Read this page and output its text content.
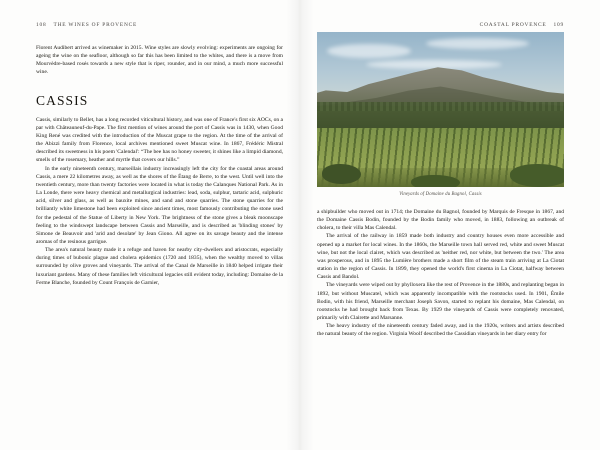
108 THE WINES OF PROVENCE

Florent Audibert arrived as winemaker in 2015. Wine styles are slowly evolving: experiments are ongoing for ageing the wine on the seafloor, although so far this has been limited to the whites, and there is a move from Mourvèdre-based rosés towards a new style that is riper, rounder, and in our mind, a much more successful wine.

CASSIS

Cassis, similarly to Bellet, has a long recorded viticultural history, and was one of France's first six AOCs, on a par with Châteauneuf-du-Pape. The first mention of wines around the port of Cassis was in 1430, when Good King René was credited with the introduction of the Muscat grape to the region. At the time of the arrival of the Abizzi family from Florence, local archives mentioned sweet Muscat wine. In 1867, Frédéric Mistral described its sweetness in his poem 'Calendal': “The bee has no honey sweeter, it shines like a limpid diamond, smells of the rosemary, heather and myrtle that covers our hills.”

In the early nineteenth century, marseillais industry increasingly left the city for the coastal areas around Cassis, a mere 22 kilometres away, as well as the shores of the Étang de Berre, to the west. Until well into the twentieth century, more than twenty factories were located in what is today the Calanques National Park. As in La Londe, there were heavy chemical and metallurgical industries: lead, soda, sulphur, tartaric acid, sulphuric acid, silver and glass, as well as bauxite mines, and sand and stone quarries. The stone quarries for the brilliantly white limestone had been exploited since ancient times, most famously contributing the stone used for the pedestal of the Statue of Liberty in New York. The brightness of the stone gives a bleak moonscape feeling to the windswept landscape between Cassis and Marseille, and is described as 'blinding stones' by Simone de Beauvoir and 'arid and desolate' by Jean Giono. All agree on its savage beauty and the intense aromas of the resinous garrigue.

The area's natural beauty made it a refuge and haven for nearby city-dwellers and aristocrats, especially during times of bubonic plague and cholera epidemics (1720 and 1835), when the wealthy moved to villas surrounded by olive groves and vineyards. The arrival of the Canal de Marseille in 1840 helped irrigate their luxuriant gardens. Many of these families left viticultural legacies still evident today, including: Domaine de la Ferme Blanche, founded by Count François de Garnier,

COASTAL PROVENCE 109
Vineyards of Domaine du Bagnol, Cassis

a shipbuilder who moved out in 1714; the Domaine du Bagnol, founded by Marquis de Fresque in 1867, and the Domaine Cassis Bodin, founded by the Bodin family who moved, in 1883, following an outbreak of cholera, to their villa Mas Calendal.

The arrival of the railway in 1859 made both industry and country houses even more accessible and opened up a market for local wines. In the 1860s, the Marseille town hall served red, white and sweet Muscat wine, but not the local clairet, which was described as 'neither red, nor white, but between the two.' The area was prosperous, and in 1895 the Lumière brothers made a short film of the steam train arriving at La Ciotat station in the region of Cassis. In 1899, they opened the world's first cinema in La Ciotat, halfway between Cassis and Bandol.

The vineyards were wiped out by phylloxera like the rest of Provence in the 1880s, and replanting began in 1892, but without Muscatel, which was apparently incompatible with the rootstocks used. In 1901, Émile Bodin, with his friend, Marseille merchant Joseph Savon, started to replant his domaine, Mas Calendal, on rootstocks he had brought back from Texas. By 1929 the vineyards of Cassis were completely renovated, primarily with Clairette and Marsanne.

The heavy industry of the nineteenth century faded away, and in the 1920s, writers and artists described the natural beauty of the region. Virginia Woolf described the Cassidian vineyards in her diary entry for
